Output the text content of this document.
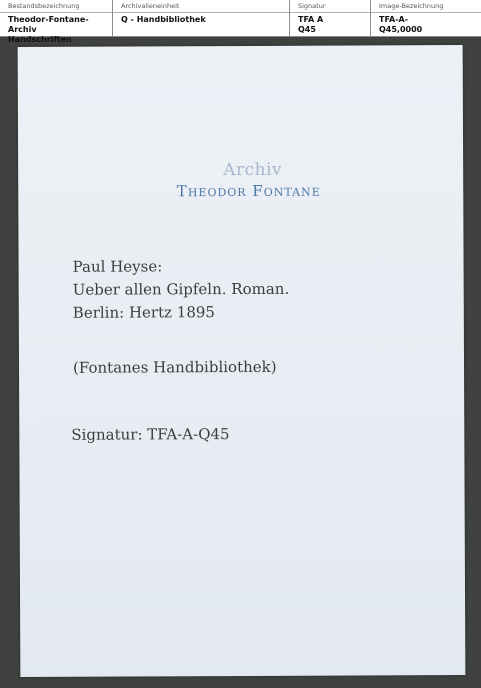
Bestandsbezeichnung
Theodor-Fontane-Archiv
Handschriften
Archivalieneinheit
Q - Handbibliothek
Signatur
TFA A
Q45
Image-Bezeichnung
TFA-A-
Q45,0000
Archiv
Theodor Fontane
Paul Heyse:
Ueber allen Gipfeln. Roman.
Berlin: Hertz 1895
(Fontanes Handbibliothek)
Signatur: TFA-A-Q45
